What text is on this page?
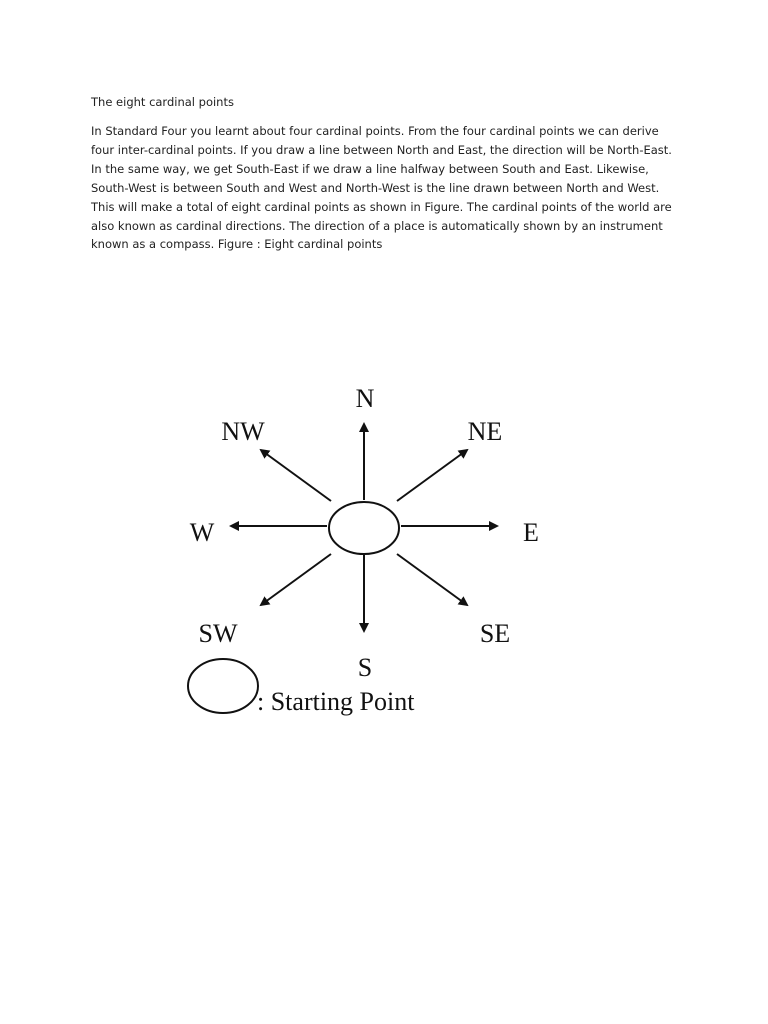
The eight cardinal points

In Standard Four you learnt about four cardinal points. From the four cardinal points we can derive four inter-cardinal points. If you draw a line between North and East, the direction will be North-East. In the same way, we get South-East if we draw a line halfway between South and East. Likewise, South-West is between South and West and North-West is the line drawn between North and West. This will make a total of eight cardinal points as shown in Figure. The cardinal points of the world are also known as cardinal directions. The direction of a place is automatically shown by an instrument known as a compass. Figure : Eight cardinal points

N
NE
E
SE
S
SW
W
NW
: Starting Point
